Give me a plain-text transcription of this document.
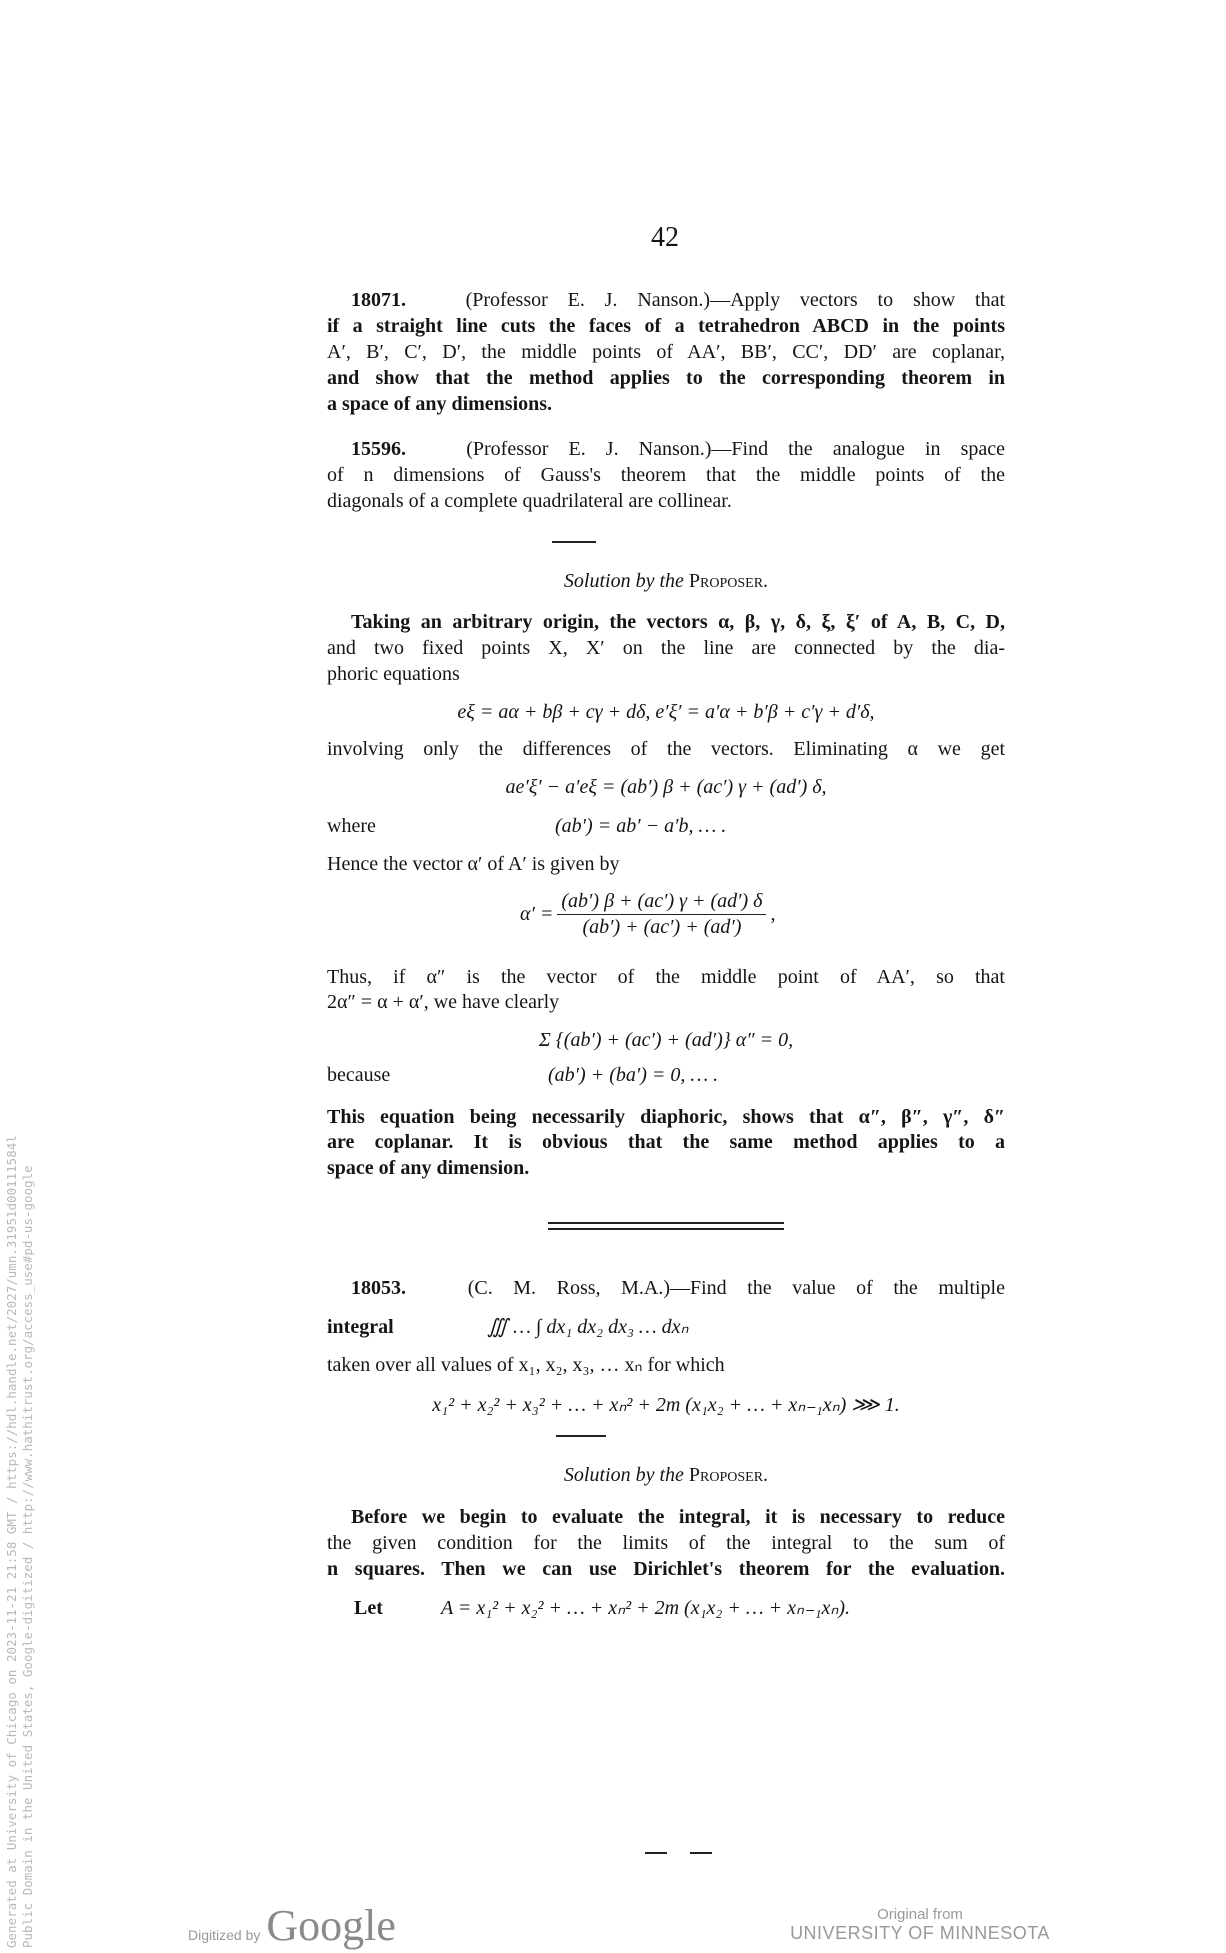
42
18071.	(Professor E. J. Nanson.)—Apply vectors to show that
if a straight line cuts the faces of a tetrahedron ABCD in the points
A′, B′, C′, D′, the middle points of AA′, BB′, CC′, DD′ are coplanar,
and show that the method applies to the corresponding theorem in
a space of any dimensions.
15596.	(Professor E. J. Nanson.)—Find the analogue in space
of n dimensions of Gauss's theorem that the middle points of the
diagonals of a complete quadrilateral are collinear.
Solution by the Proposer.
Taking an arbitrary origin, the vectors α, β, γ, δ, ξ, ξ′ of A, B, C, D,
and two fixed points X, X′ on the line are connected by the dia-
phoric equations
eξ = aα + bβ + cγ + dδ, e′ξ′ = a′α + b′β + c′γ + d′δ,
involving only the differences of the vectors. Eliminating α we get
ae′ξ′ − a′eξ = (ab′) β + (ac′) γ + (ad′) δ,
where	(ab′) = ab′ − a′b, … .
Hence the vector α′ of A′ is given by
$\alpha' = \frac{(ab') \beta + (ac') \gamma + (ad') \delta}{(ab') + (ac') + (ad')}$ ,
Thus, if α″ is the vector of the middle point of AA′, so that
2α″ = α + α′, we have clearly
Σ {(ab′) + (ac′) + (ad′)} α″ = 0,
because	(ab′) + (ba′) = 0, … .
This equation being necessarily diaphoric, shows that α″, β″, γ″, δ″
are coplanar. It is obvious that the same method applies to a
space of any dimension.
18053.	(C. M. Ross, M.A.)—Find the value of the multiple
integral	∭ … ∫ dx₁ dx₂ dx₃ … dxₙ
taken over all values of x₁, x₂, x₃, … xₙ for which
x₁² + x₂² + x₃² + … + xₙ² + 2m (x₁x₂ + … + xₙ₋₁xₙ) ⋙ 1.
Solution by the Proposer.
Before we begin to evaluate the integral, it is necessary to reduce
the given condition for the limits of the integral to the sum of
n squares. Then we can use Dirichlet's theorem for the evaluation.
Let	A = x₁² + x₂² + … + xₙ² + 2m (x₁x₂ + … + xₙ₋₁xₙ).
Generated at University of Chicago on 2023-11-21 21:58 GMT / https://hdl.handle.net/2027/umn.31951d00111584l Public Domain in the United States, Google-digitized / http://www.hathitrust.org/access_use#pd-us-google	Digitized by Google	Original from
UNIVERSITY OF MINNESOTA
